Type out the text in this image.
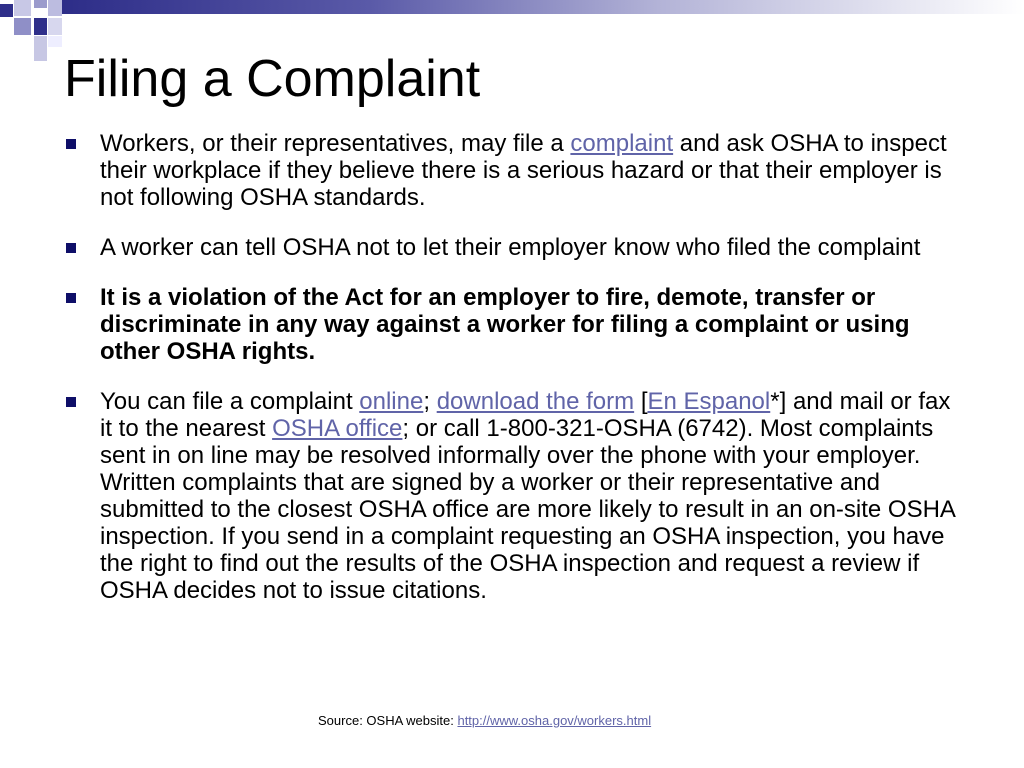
Filing a Complaint
Workers, or their representatives, may file a complaint and ask OSHA to inspect their workplace if they believe there is a serious hazard or that their employer is not following OSHA standards.
A worker can tell OSHA not to let their employer know who filed the complaint
It is a violation of the Act for an employer to fire, demote, transfer or discriminate in any way against a worker for filing a complaint or using other OSHA rights.
You can file a complaint online; download the form [En Espanol*] and mail or fax it to the nearest OSHA office; or call 1-800-321-OSHA (6742). Most complaints sent in on line may be resolved informally over the phone with your employer. Written complaints that are signed by a worker or their representative and submitted to the closest OSHA office are more likely to result in an on-site OSHA inspection. If you send in a complaint requesting an OSHA inspection, you have the right to find out the results of the OSHA inspection and request a review if OSHA decides not to issue citations.
Source: OSHA website: http://www.osha.gov/workers.html
